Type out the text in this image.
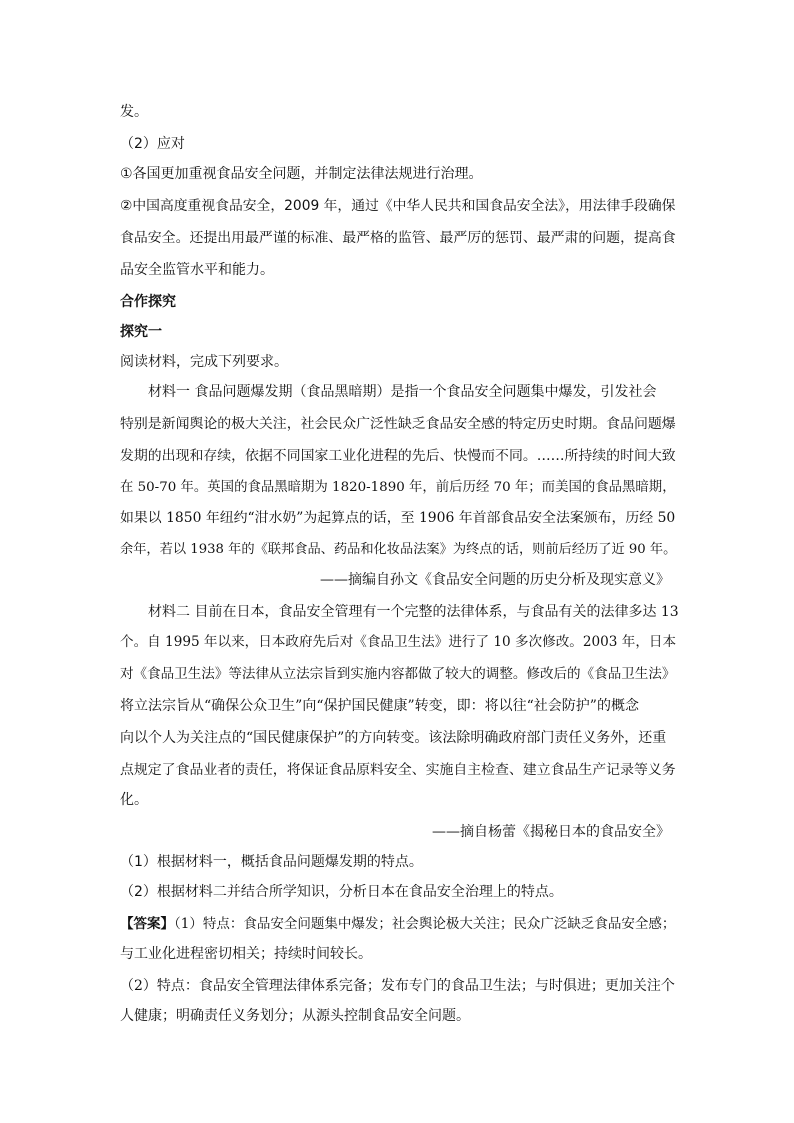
发。
（2）应对
①各国更加重视食品安全问题，并制定法律法规进行治理。
②中国高度重视食品安全，2009 年，通过《中华人民共和国食品安全法》，用法律手段确保
食品安全。还提出用最严谨的标准、最严格的监管、最严厉的惩罚、最严肃的问题，提高食
品安全监管水平和能力。
合作探究
探究一
阅读材料，完成下列要求。
材料一 食品问题爆发期（食品黑暗期）是指一个食品安全问题集中爆发，引发社会
特别是新闻舆论的极大关注，社会民众广泛性缺乏食品安全感的特定历史时期。食品问题爆
发期的出现和存续，依据不同国家工业化进程的先后、快慢而不同。……所持续的时间大致
在 50-70 年。英国的食品黑暗期为 1820-1890 年，前后历经 70 年；而美国的食品黑暗期，
如果以 1850 年纽约“泔水奶”为起算点的话，至 1906 年首部食品安全法案颁布，历经 50
余年，若以 1938 年的《联邦食品、药品和化妆品法案》为终点的话，则前后经历了近 90 年。
——摘编自孙文《食品安全问题的历史分析及现实意义》
材料二 目前在日本，食品安全管理有一个完整的法律体系，与食品有关的法律多达 13
个。自 1995 年以来，日本政府先后对《食品卫生法》进行了 10 多次修改。2003 年，日本
对《食品卫生法》等法律从立法宗旨到实施内容都做了较大的调整。修改后的《食品卫生法》
将立法宗旨从“确保公众卫生”向“保护国民健康”转变，即：将以往“社会防护”的概念
向以个人为关注点的“国民健康保护”的方向转变。该法除明确政府部门责任义务外，还重
点规定了食品业者的责任，将保证食品原料安全、实施自主检查、建立食品生产记录等义务
化。
——摘自杨蕾《揭秘日本的食品安全》
（1）根据材料一，概括食品问题爆发期的特点。
（2）根据材料二并结合所学知识，分析日本在食品安全治理上的特点。
【答案】（1）特点：食品安全问题集中爆发；社会舆论极大关注；民众广泛缺乏食品安全感；
与工业化进程密切相关；持续时间较长。
（2）特点：食品安全管理法律体系完备；发布专门的食品卫生法；与时俱进；更加关注个
人健康；明确责任义务划分；从源头控制食品安全问题。
